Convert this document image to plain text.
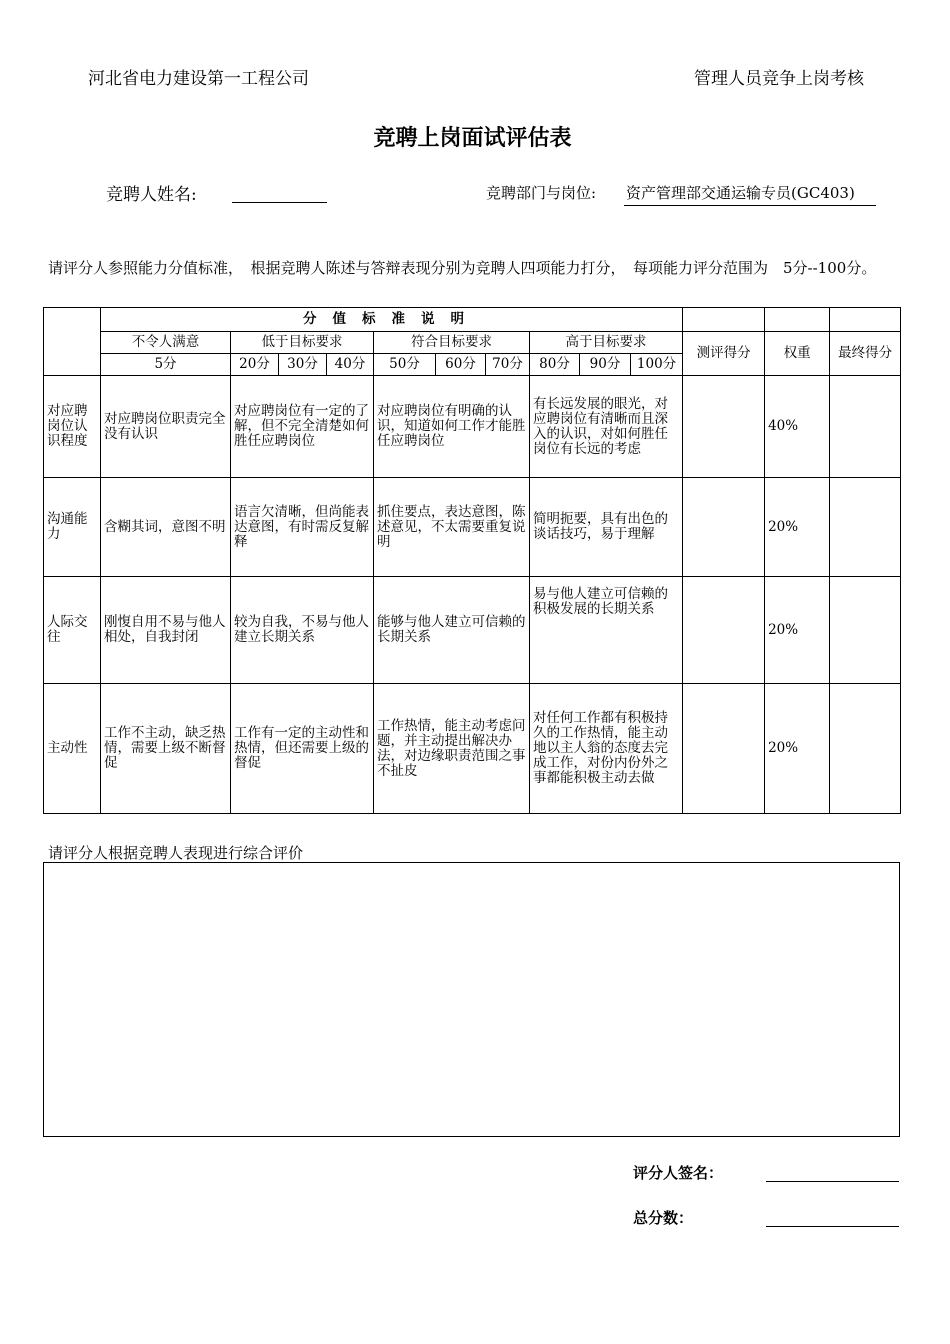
河北省电力建设第一工程公司	管理人员竞争上岗考核
竞聘上岗面试评估表
竞聘人姓名:	竞聘部门与岗位: 资产管理部交通运输专员(GC403)
请评分人参照能力分值标准，　根据竞聘人陈述与答辩表现分别为竞聘人四项能力打分，　每项能力评分范围为　5分--100分。
	分值标准说明												
	不令人满意	低于目标要求			符合目标要求			高于目标要求			测评得分	权重	最终得分
	5分	20分	30分	40分	50分	60分	70分	80分	90分	100分			
对应聘岗位认识程度	对应聘岗位职责完全没有认识	对应聘岗位有一定的了解，但不完全清楚如何胜任应聘岗位			对应聘岗位有明确的认识，知道如何工作才能胜任应聘岗位			有长远发展的眼光，对应聘岗位有清晰而且深入的认识，对如何胜任岗位有长远的考虑				40%	
沟通能力	含糊其词，意图不明	语言欠清晰，但尚能表达意图，有时需反复解释			抓住要点，表达意图，陈述意见，不太需要重复说明			简明扼要，具有出色的谈话技巧，易于理解				20%	
人际交往	刚愎自用不易与他人相处，自我封闭	较为自我，不易与他人建立长期关系			能够与他人建立可信赖的长期关系			易与他人建立可信赖的积极发展的长期关系				20%	
主动性	工作不主动，缺乏热情，需要上级不断督促	工作有一定的主动性和热情，但还需要上级的督促			工作热情，能主动考虑问题，并主动提出解决办法，对边缘职责范围之事不扯皮			对任何工作都有积极持久的工作热情，能主动地以主人翁的态度去完成工作，对份内份外之事都能积极主动去做				20%	
请评分人根据竞聘人表现进行综合评价
评分人签名：
总分数：
